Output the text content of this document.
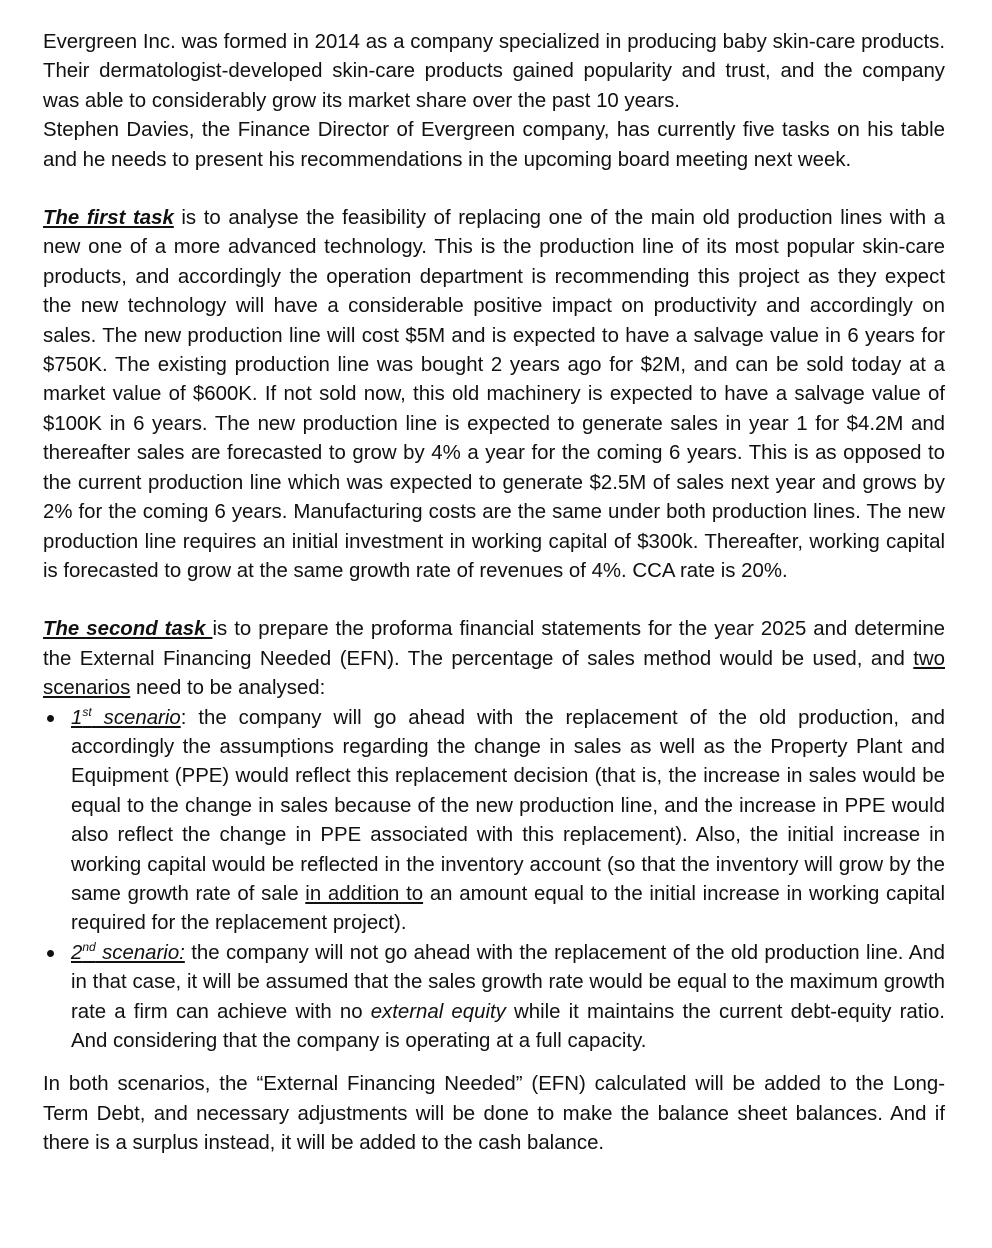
Evergreen Inc. was formed in 2014 as a company specialized in producing baby skin-care products. Their dermatologist-developed skin-care products gained popularity and trust, and the company was able to considerably grow its market share over the past 10 years.

Stephen Davies, the Finance Director of Evergreen company, has currently five tasks on his table and he needs to present his recommendations in the upcoming board meeting next week.

The first task is to analyse the feasibility of replacing one of the main old production lines with a new one of a more advanced technology. This is the production line of its most popular skin-care products, and accordingly the operation department is recommending this project as they expect the new technology will have a considerable positive impact on productivity and accordingly on sales. The new production line will cost $5M and is expected to have a salvage value in 6 years for $750K. The existing production line was bought 2 years ago for $2M, and can be sold today at a market value of $600K. If not sold now, this old machinery is expected to have a salvage value of $100K in 6 years. The new production line is expected to generate sales in year 1 for $4.2M and thereafter sales are forecasted to grow by 4% a year for the coming 6 years. This is as opposed to the current production line which was expected to generate $2.5M of sales next year and grows by 2% for the coming 6 years. Manufacturing costs are the same under both production lines. The new production line requires an initial investment in working capital of $300k. Thereafter, working capital is forecasted to grow at the same growth rate of revenues of 4%. CCA rate is 20%.

The second task is to prepare the proforma financial statements for the year 2025 and determine the External Financing Needed (EFN). The percentage of sales method would be used, and two scenarios need to be analysed:

1st scenario: the company will go ahead with the replacement of the old production, and accordingly the assumptions regarding the change in sales as well as the Property Plant and Equipment (PPE) would reflect this replacement decision (that is, the increase in sales would be equal to the change in sales because of the new production line, and the increase in PPE would also reflect the change in PPE associated with this replacement). Also, the initial increase in working capital would be reflected in the inventory account (so that the inventory will grow by the same growth rate of sale in addition to an amount equal to the initial increase in working capital required for the replacement project).
2nd scenario: the company will not go ahead with the replacement of the old production line. And in that case, it will be assumed that the sales growth rate would be equal to the maximum growth rate a firm can achieve with no external equity while it maintains the current debt-equity ratio. And considering that the company is operating at a full capacity.

In both scenarios, the “External Financing Needed” (EFN) calculated will be added to the Long-Term Debt, and necessary adjustments will be done to make the balance sheet balances. And if there is a surplus instead, it will be added to the cash balance.
